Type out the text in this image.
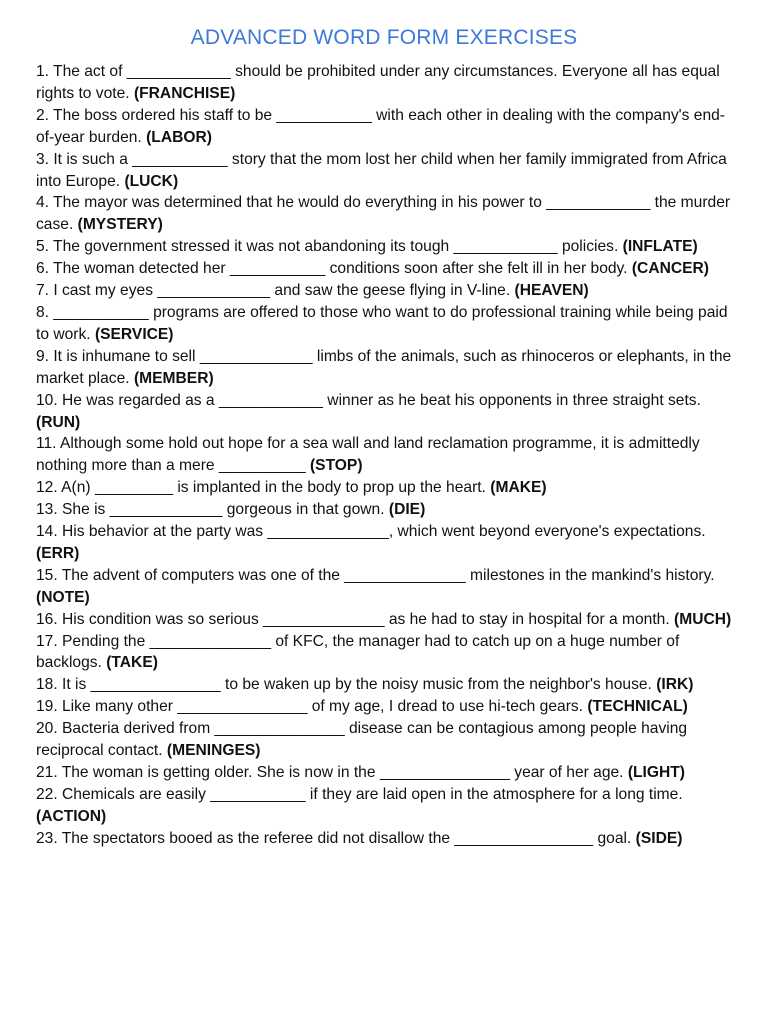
ADVANCED WORD FORM EXERCISES

1. The act of ____________ should be prohibited under any circumstances. Everyone all has equal rights to vote. (FRANCHISE)

2. The boss ordered his staff to be ___________ with each other in dealing with the company's end-of-year burden. (LABOR)

3. It is such a ___________ story that the mom lost her child when her family immigrated from Africa into Europe. (LUCK)

4. The mayor was determined that he would do everything in his power to ____________ the murder case. (MYSTERY)

5. The government stressed it was not abandoning its tough ____________ policies. (INFLATE)

6. The woman detected her ___________ conditions soon after she felt ill in her body. (CANCER)

7. I cast my eyes _____________ and saw the geese flying in V-line. (HEAVEN)

8. ___________ programs are offered to those who want to do professional training while being paid to work. (SERVICE)

9. It is inhumane to sell _____________ limbs of the animals, such as rhinoceros or elephants, in the market place. (MEMBER)

10. He was regarded as a ____________ winner as he beat his opponents in three straight sets. (RUN)

11. Although some hold out hope for a sea wall and land reclamation programme, it is admittedly nothing more than a mere __________ (STOP)

12. A(n) _________ is implanted in the body to prop up the heart. (MAKE)

13. She is _____________ gorgeous in that gown. (DIE)

14. His behavior at the party was ______________, which went beyond everyone's expectations. (ERR)

15. The advent of computers was one of the ______________ milestones in the mankind's history. (NOTE)

16. His condition was so serious ______________ as he had to stay in hospital for a month. (MUCH)

17. Pending the ______________ of KFC, the manager had to catch up on a huge number of backlogs. (TAKE)

18. It is _______________ to be waken up by the noisy music from the neighbor's house. (IRK)

19. Like many other _______________ of my age, I dread to use hi-tech gears. (TECHNICAL)

20. Bacteria derived from _______________ disease can be contagious among people having reciprocal contact. (MENINGES)

21. The woman is getting older. She is now in the _______________ year of her age. (LIGHT)

22. Chemicals are easily ___________ if they are laid open in the atmosphere for a long time. (ACTION)

23. The spectators booed as the referee did not disallow the ________________ goal. (SIDE)
